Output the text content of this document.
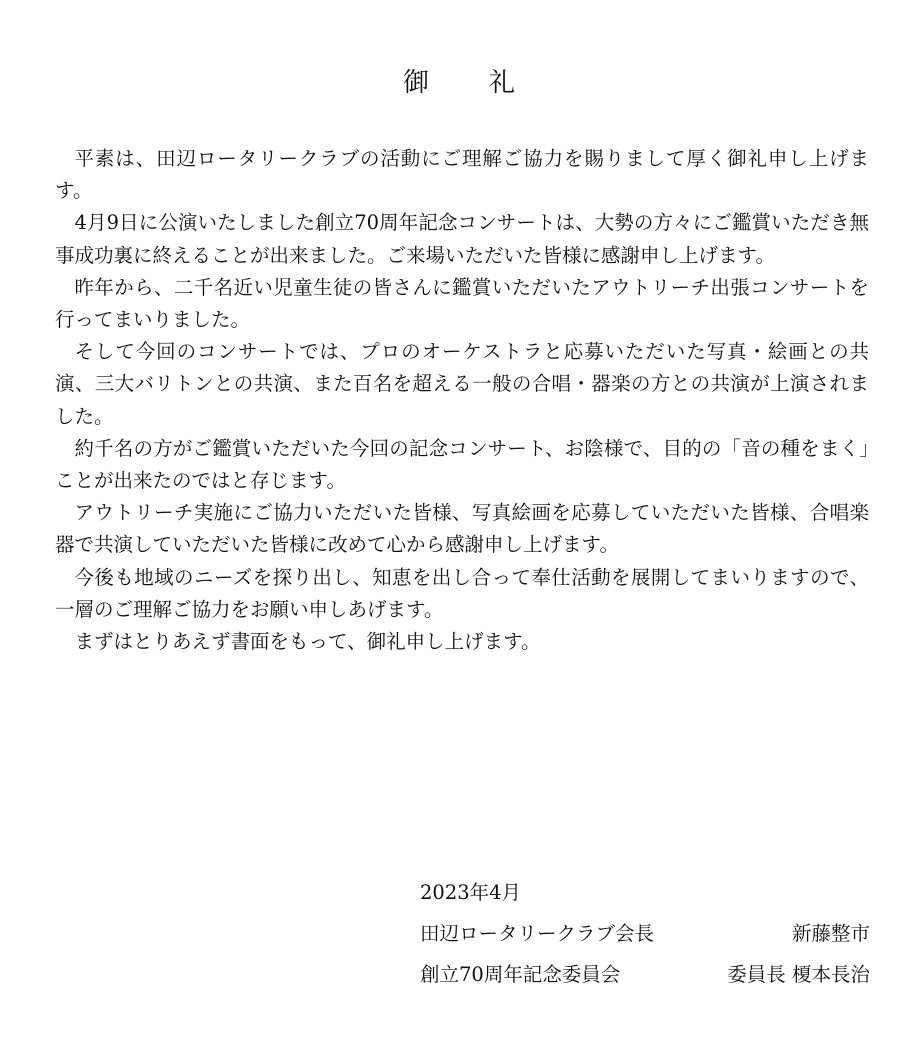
御 礼

平素は、田辺ロータリークラブの活動にご理解ご協力を賜りまして厚く御礼申し上げます。

4月9日に公演いたしました創立70周年記念コンサートは、大勢の方々にご鑑賞いただき無事成功裏に終えることが出来ました。ご来場いただいた皆様に感謝申し上げます。

昨年から、二千名近い児童生徒の皆さんに鑑賞いただいたアウトリーチ出張コンサートを行ってまいりました。

そして今回のコンサートでは、プロのオーケストラと応募いただいた写真・絵画との共演、三大バリトンとの共演、また百名を超える一般の合唱・器楽の方との共演が上演されました。

約千名の方がご鑑賞いただいた今回の記念コンサート、お陰様で、目的の「音の種をまく」ことが出来たのではと存じます。

アウトリーチ実施にご協力いただいた皆様、写真絵画を応募していただいた皆様、合唱楽器で共演していただいた皆様に改めて心から感謝申し上げます。

今後も地域のニーズを探り出し、知恵を出し合って奉仕活動を展開してまいりますので、一層のご理解ご協力をお願い申しあげます。

まずはとりあえず書面をもって、御礼申し上げます。

2023年4月
田辺ロータリークラブ会長	新藤整市
創立70周年記念委員会	委員長 榎本長治
